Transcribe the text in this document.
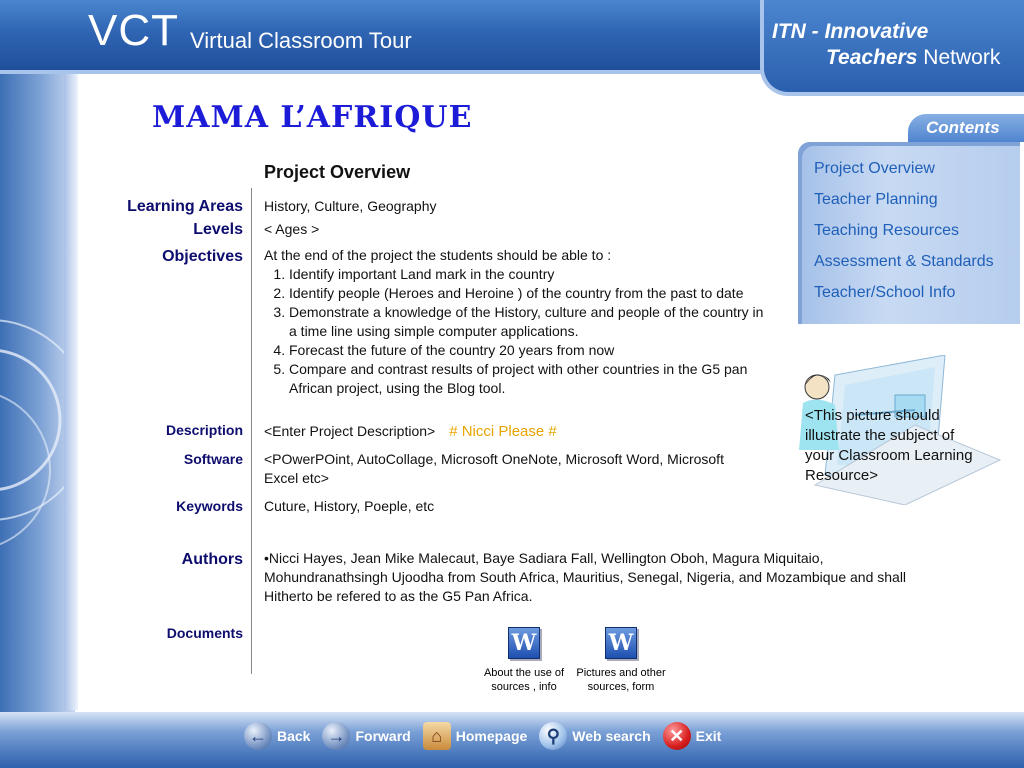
VCT Virtual Classroom Tour	ITN - Innovative
Teachers Network
MAMA L’AFRIQUE
Project Overview
Learning Areas History, Culture, Geography
Levels < Ages >
Objectives At the end of the project the students should be able to :
1. Identify important Land mark in the country
2. Identify people (Heroes and Heroine ) of the country from the past to date
3. Demonstrate a knowledge of the History, culture and people of the country in a time line using simple computer applications.
4. Forecast the future of the country 20 years from now
5. Compare and contrast results of project with other countries in the G5 pan African project, using the Blog tool.
Description <Enter Project Description> # Nicci Please #
Software <POwerPOint, AutoCollage, Microsoft OneNote, Microsoft Word, Microsoft Excel etc>
Keywords Cuture, History, Poeple, etc
Authors •Nicci Hayes, Jean Mike Malecaut, Baye Sadiara Fall, Wellington Oboh, Magura Miquitaio, Mohundranathsingh Ujoodha from South Africa, Mauritius, Senegal, Nigeria, and Mozambique and shall Hitherto be refered to as the G5 Pan Africa.
Documents	W
About the use of sources , info
W
Pictures and other sources, form
Contents
Project Overview
Teacher Planning
Teaching Resources
Assessment & Standards
Teacher/School Info
<This picture should illustrate the subject of your Classroom Learning Resource>
← Back → Forward	⌂ Homepage	⚲ Web search	✕ Exit
